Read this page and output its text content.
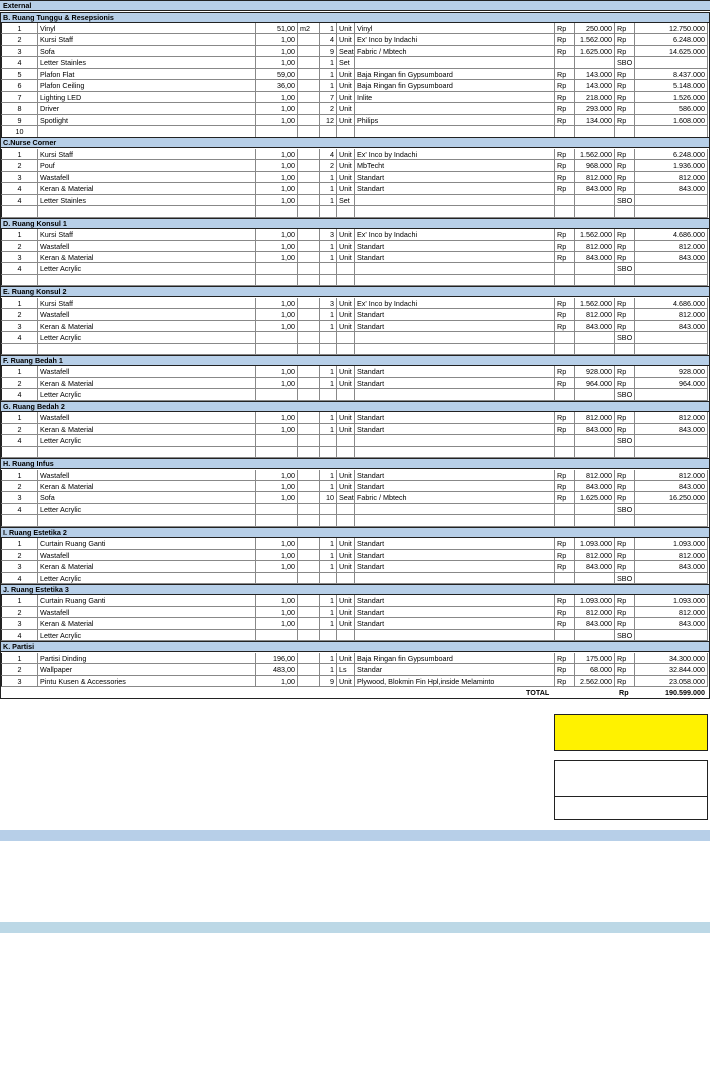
External
B. Ruang Tunggu & Resepsionis
1	Vinyl	51,00 m2	1 Unit Vinyl	Rp	250.000 Rp	12.750.000
2	Kursi Staff	1,00	4 Unit Ex' Inco by Indachi	Rp	1.562.000 Rp	6.248.000
3	Sofa	1,00	9 Seat Fabric / Mbtech	Rp	1.625.000 Rp	14.625.000
4	Letter Stainles	1,00	1 Set	SBO
5	Plafon Flat	59,00	1 Unit Baja Ringan fin Gypsumboard	Rp	143.000 Rp	8.437.000
6	Plafon Ceiling	36,00	1 Unit Baja Ringan fin Gypsumboard	Rp	143.000 Rp	5.148.000
7	Lighting LED	1,00	7 Unit Inlite	Rp	218.000 Rp	1.526.000
8	Driver	1,00	2 Unit	Rp	293.000 Rp	586.000
9	Spotlight	1,00	12 Unit Philips	Rp	134.000 Rp	1.608.000
10
C.Nurse Corner
1	Kursi Staff	1,00	4 Unit Ex' Inco by Indachi	Rp	1.562.000 Rp	6.248.000
2	Pouf	1,00	2 Unit MbTecht	Rp	968.000 Rp	1.936.000
3	Wastafell	1,00	1 Unit Standart	Rp	812.000 Rp	812.000
4	Keran & Material	1,00	1 Unit Standart	Rp	843.000 Rp	843.000
4	Letter Stainles	1,00	1 Set	SBO
D. Ruang Konsul 1
1	Kursi Staff	1,00	3 Unit Ex' Inco by Indachi	Rp	1.562.000 Rp	4.686.000
2	Wastafell	1,00	1 Unit Standart	Rp	812.000 Rp	812.000
3	Keran & Material	1,00	1 Unit Standart	Rp	843.000 Rp	843.000
4	Letter Acrylic	SBO
E. Ruang Konsul 2
1	Kursi Staff	1,00	3 Unit Ex' Inco by Indachi	Rp	1.562.000 Rp	4.686.000
2	Wastafell	1,00	1 Unit Standart	Rp	812.000 Rp	812.000
3	Keran & Material	1,00	1 Unit Standart	Rp	843.000 Rp	843.000
4	Letter Acrylic	SBO
F. Ruang Bedah 1
1	Wastafell	1,00	1 Unit Standart	Rp	928.000 Rp	928.000
2	Keran & Material	1,00	1 Unit Standart	Rp	964.000 Rp	964.000
4	Letter Acrylic	SBO
G. Ruang Bedah 2
1	Wastafell	1,00	1 Unit Standart	Rp	812.000 Rp	812.000
2	Keran & Material	1,00	1 Unit Standart	Rp	843.000 Rp	843.000
4	Letter Acrylic	SBO
H. Ruang Infus
1	Wastafell	1,00	1 Unit Standart	Rp	812.000 Rp	812.000
2	Keran & Material	1,00	1 Unit Standart	Rp	843.000 Rp	843.000
3	Sofa	1,00	10 Seat Fabric / Mbtech	Rp	1.625.000 Rp	16.250.000
4	Letter Acrylic	SBO
I. Ruang Estetika 2
1	Curtain Ruang Ganti	1,00	1 Unit Standart	Rp	1.093.000 Rp	1.093.000
2	Wastafell	1,00	1 Unit Standart	Rp	812.000 Rp	812.000
3	Keran & Material	1,00	1 Unit Standart	Rp	843.000 Rp	843.000
4	Letter Acrylic	SBO
J. Ruang Estetika 3
1	Curtain Ruang Ganti	1,00	1 Unit Standart	Rp	1.093.000 Rp	1.093.000
2	Wastafell	1,00	1 Unit Standart	Rp	812.000 Rp	812.000
3	Keran & Material	1,00	1 Unit Standart	Rp	843.000 Rp	843.000
4	Letter Acrylic	SBO
K. Partisi
1	Partisi Dinding	196,00	1 Unit Baja Ringan fin Gypsumboard	Rp	175.000 Rp	34.300.000
2	Wallpaper	483,00	1 Ls	Standar	Rp	68.000 Rp	32.844.000
3	Pintu Kusen & Accessories	1,00	9 Unit Plywood, Blokmin Fin Hpl,inside Melaminto	Rp	2.562.000 Rp	23.058.000
TOTAL	Rp	190.599.000
